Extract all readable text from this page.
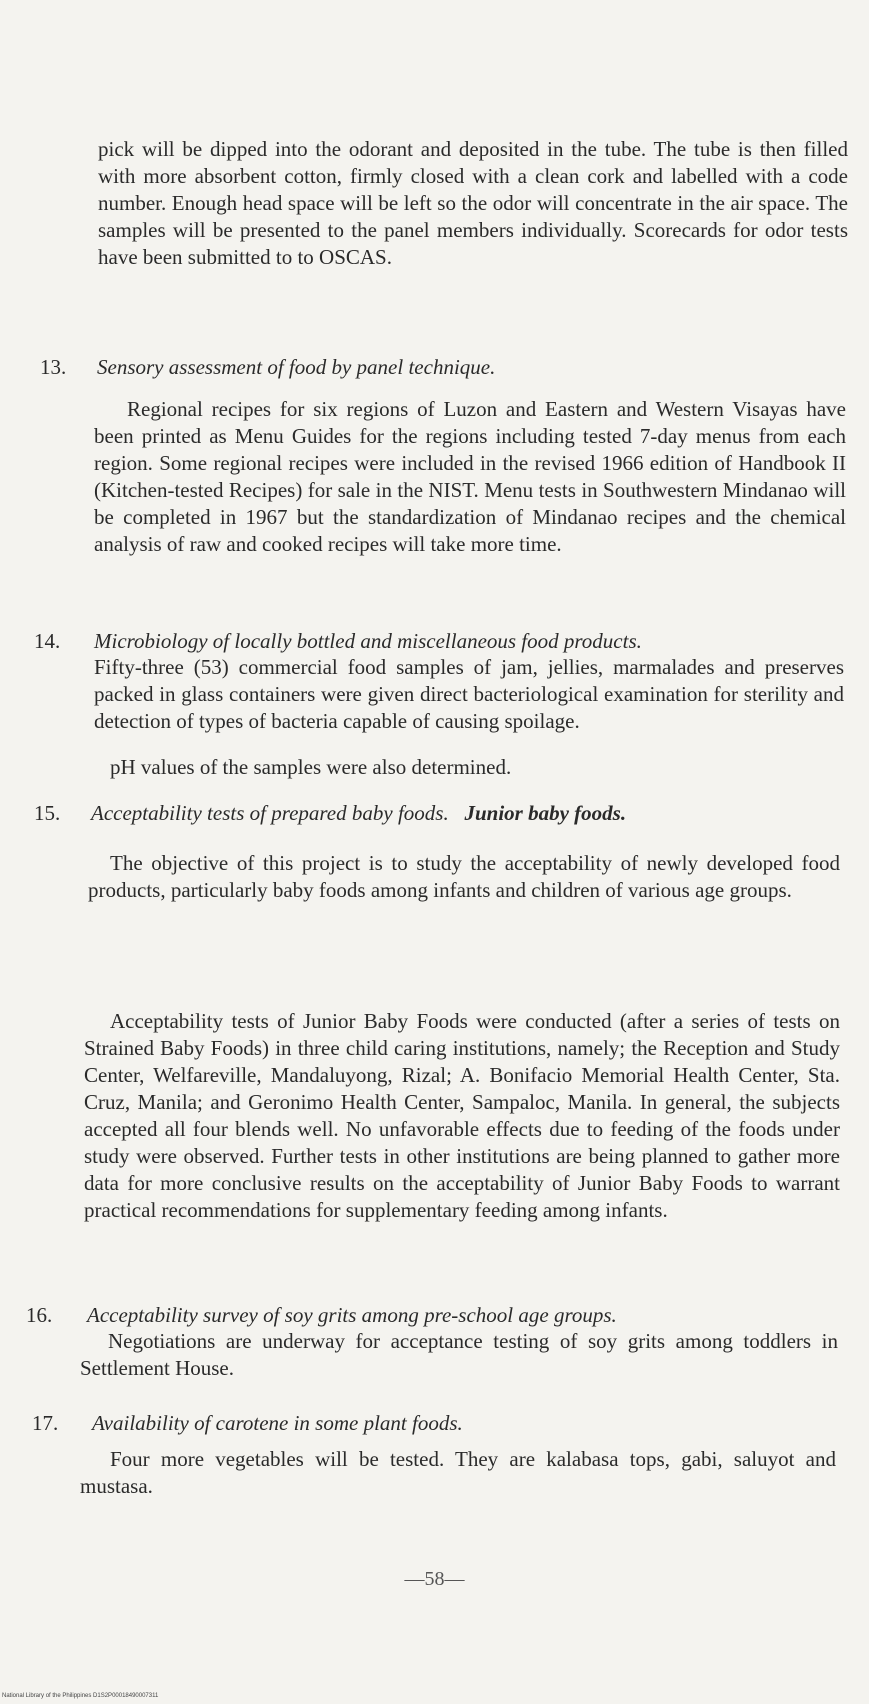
pick will be dipped into the odorant and deposited in the tube. The tube is then filled with more absorbent cotton, firmly closed with a clean cork and labelled with a code number. Enough head space will be left so the odor will concentrate in the air space. The samples will be presented to the panel members individually. Scorecards for odor tests have been submitted to to OSCAS.

13. Sensory assessment of food by panel technique.

Regional recipes for six regions of Luzon and Eastern and Western Visayas have been printed as Menu Guides for the regions including tested 7-day menus from each region. Some regional recipes were included in the revised 1966 edition of Handbook II (Kitchen-tested Recipes) for sale in the NIST. Menu tests in Southwestern Mindanao will be completed in 1967 but the standardization of Mindanao recipes and the chemical analysis of raw and cooked recipes will take more time.

14. Microbiology of locally bottled and miscellaneous food products.

Fifty-three (53) commercial food samples of jam, jellies, marmalades and preserves packed in glass containers were given direct bacteriological examination for sterility and detection of types of bacteria capable of causing spoilage.

pH values of the samples were also determined.

15. Acceptability tests of prepared baby foods. Junior baby foods.

The objective of this project is to study the acceptability of newly developed food products, particularly baby foods among infants and children of various age groups.

Acceptability tests of Junior Baby Foods were conducted (after a series of tests on Strained Baby Foods) in three child caring institutions, namely; the Reception and Study Center, Welfareville, Mandaluyong, Rizal; A. Bonifacio Memorial Health Center, Sta. Cruz, Manila; and Geronimo Health Center, Sampaloc, Manila. In general, the subjects accepted all four blends well. No unfavorable effects due to feeding of the foods under study were observed. Further tests in other institutions are being planned to gather more data for more conclusive results on the acceptability of Junior Baby Foods to warrant practical recommendations for supplementary feeding among infants.

16. Acceptability survey of soy grits among pre-school age groups.

Negotiations are underway for acceptance testing of soy grits among toddlers in Settlement House.

17. Availability of carotene in some plant foods.

Four more vegetables will be tested. They are kalabasa tops, gabi, saluyot and mustasa.

—58—
National Library of the Philippines D1S2P00018490007311
